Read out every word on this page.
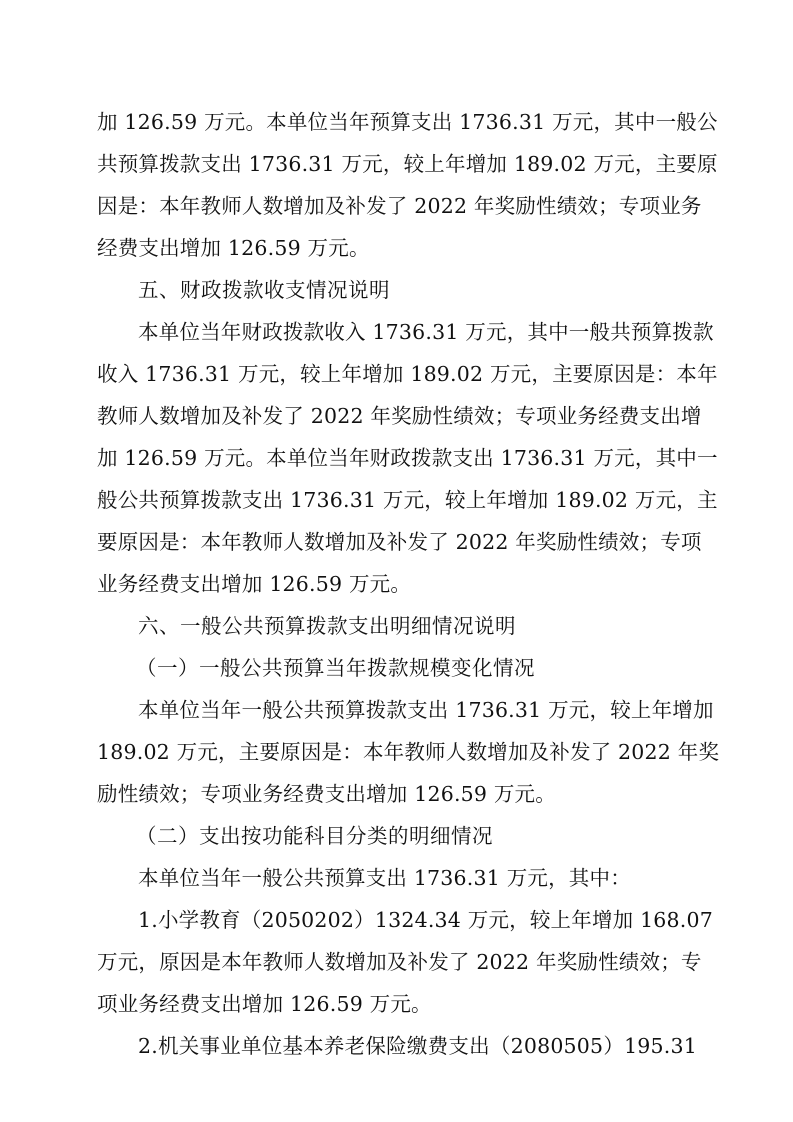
加 126.59 万元。本单位当年预算支出 1736.31 万元，其中一般公
共预算拨款支出 1736.31 万元，较上年增加 189.02 万元，主要原
因是：本年教师人数增加及补发了 2022 年奖励性绩效；专项业务
经费支出增加 126.59 万元。
五、财政拨款收支情况说明
本单位当年财政拨款收入 1736.31 万元，其中一般共预算拨款
收入 1736.31 万元，较上年增加 189.02 万元，主要原因是：本年
教师人数增加及补发了 2022 年奖励性绩效；专项业务经费支出增
加 126.59 万元。本单位当年财政拨款支出 1736.31 万元，其中一
般公共预算拨款支出 1736.31 万元，较上年增加 189.02 万元，主
要原因是：本年教师人数增加及补发了 2022 年奖励性绩效；专项
业务经费支出增加 126.59 万元。
六、一般公共预算拨款支出明细情况说明
（一）一般公共预算当年拨款规模变化情况
本单位当年一般公共预算拨款支出 1736.31 万元，较上年增加
189.02 万元，主要原因是：本年教师人数增加及补发了 2022 年奖
励性绩效；专项业务经费支出增加 126.59 万元。
（二）支出按功能科目分类的明细情况
本单位当年一般公共预算支出 1736.31 万元，其中：
1.小学教育（2050202）1324.34 万元，较上年增加 168.07
万元，原因是本年教师人数增加及补发了 2022 年奖励性绩效；专
项业务经费支出增加 126.59 万元。
2.机关事业单位基本养老保险缴费支出（2080505）195.31
